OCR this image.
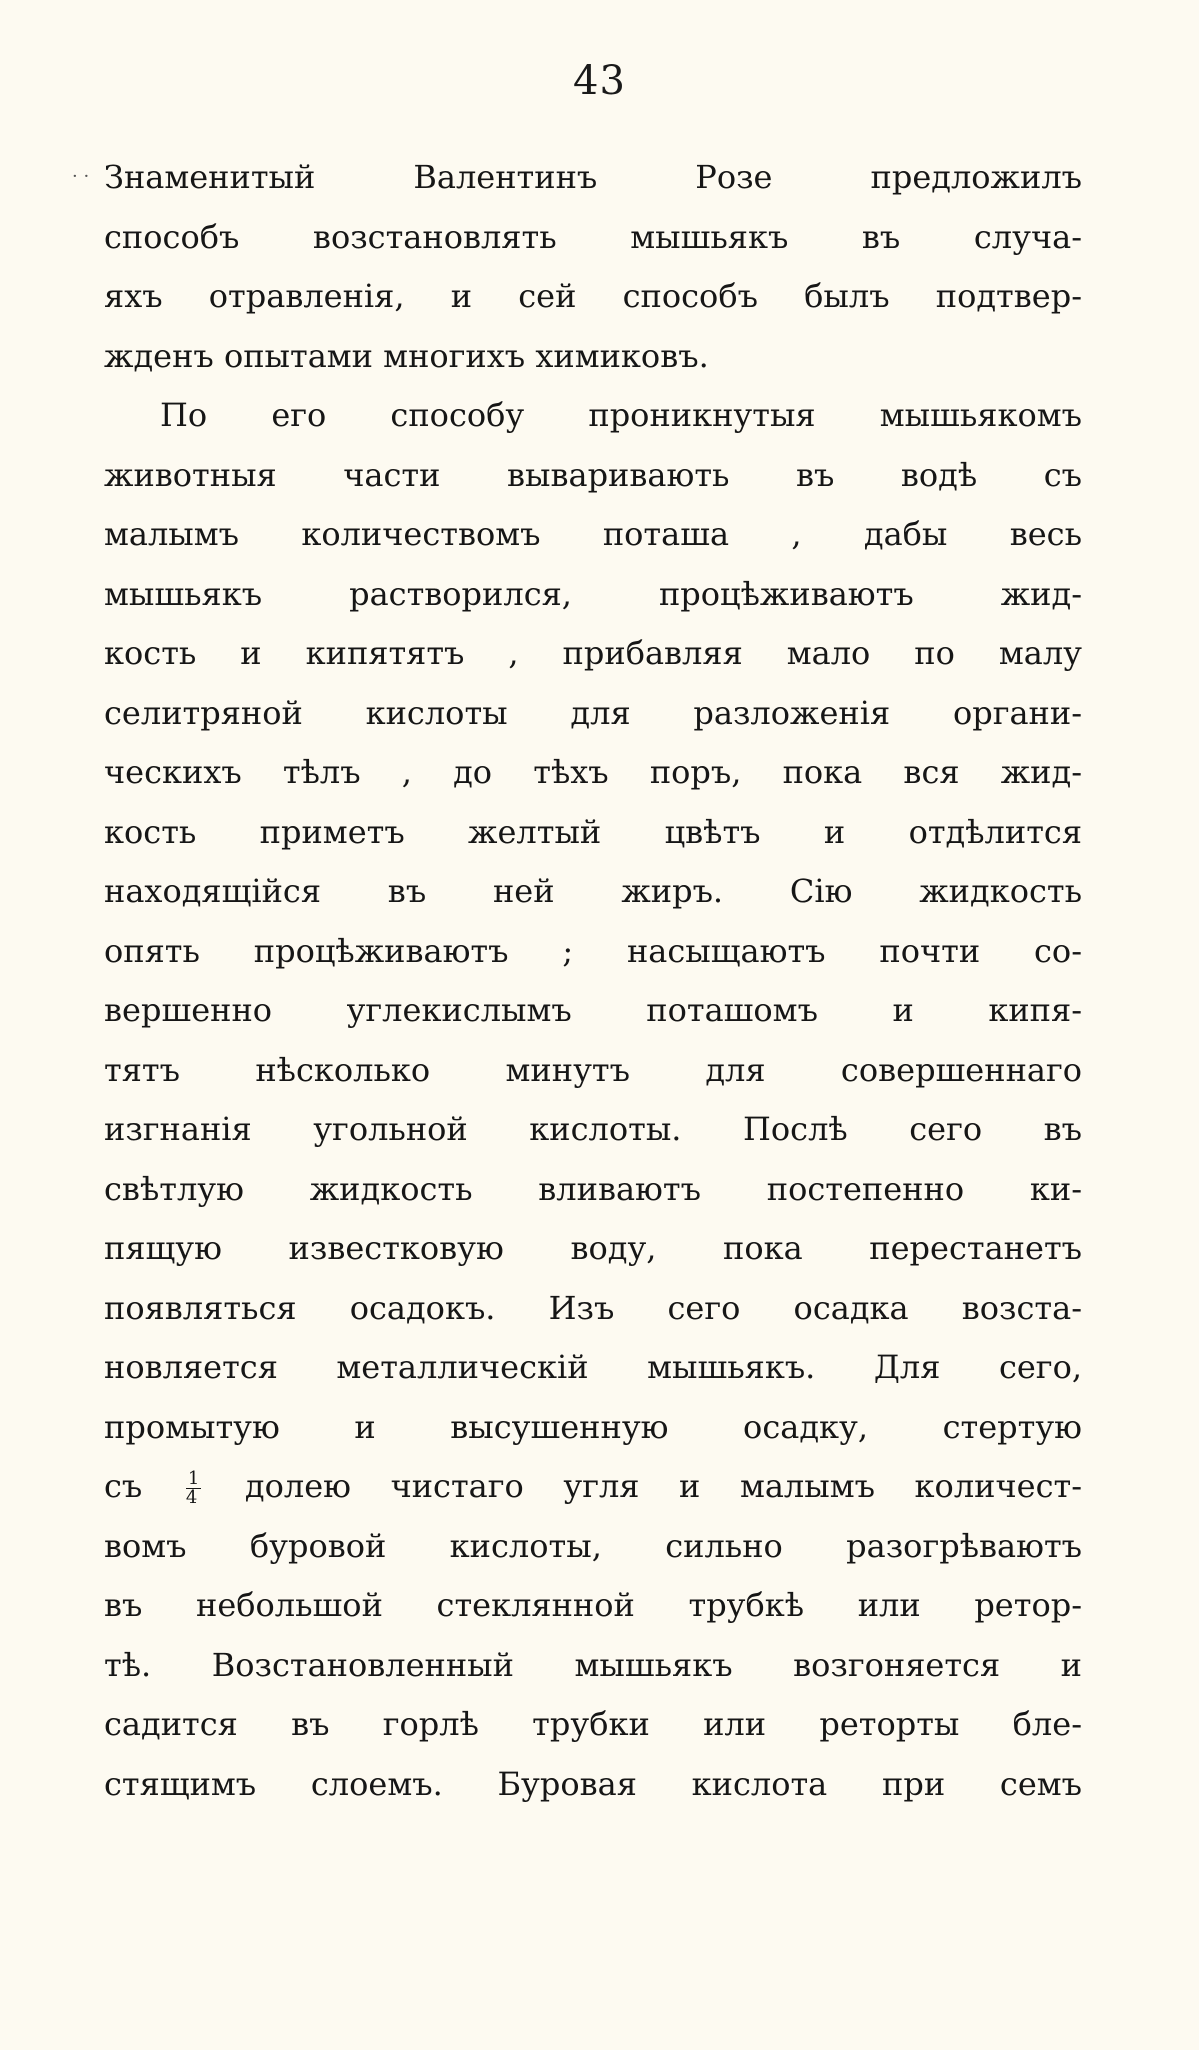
43
· · Знаменитый Валентинъ Розе предложилъ
способъ возстановлять мышьякъ въ случа-
яхъ отравленія, и сей способъ былъ подтвер-
жденъ опытами многихъ химиковъ.
По его способу проникнутыя мышьякомъ
животныя части вываривають въ водѣ съ
малымъ количествомъ поташа , дабы весь
мышьякъ растворился, процѣживаютъ жид-
кость и кипятятъ , прибавляя мало по малу
селитряной кислоты для разложенія органи-
ческихъ тѣлъ , до тѣхъ поръ, пока вся жид-
кость приметъ желтый цвѣтъ и отдѣлится
находящійся въ ней жиръ. Сію жидкость
опять процѣживаютъ ; насыщаютъ почти со-
вершенно углекислымъ поташомъ и кипя-
тятъ нѣсколько минутъ для совершеннаго
изгнанія угольной кислоты. Послѣ сего въ
свѣтлую жидкость вливаютъ постепенно ки-
пящую известковую воду, пока перестанетъ
появляться осадокъ. Изъ сего осадка возста-
новляется металлическій мышьякъ. Для сего,
промытую и высушенную осадку, стертую
съ $\frac{1}{4}$ долею чистаго угля и малымъ количест-
вомъ буровой кислоты, сильно разогрѣваютъ
въ небольшой стеклянной трубкѣ или ретор-
тѣ. Возстановленный мышьякъ возгоняется и
садится въ горлѣ трубки или реторты бле-
стящимъ слоемъ. Буровая кислота при семъ
